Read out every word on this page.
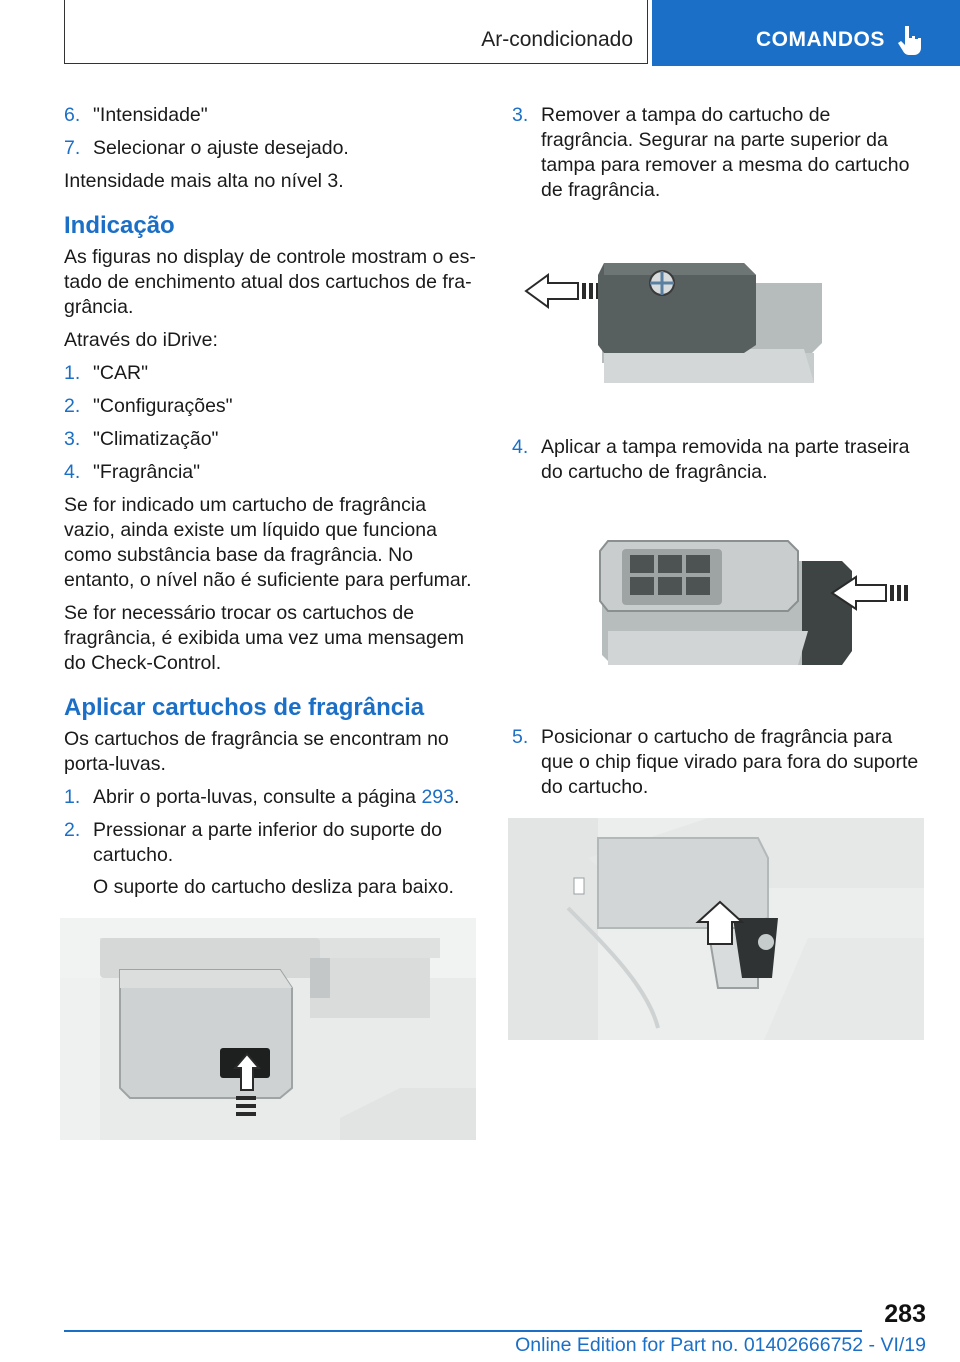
Ar-condicionado	COMANDOS
6. "Intensidade"
7. Selecionar o ajuste desejado.

Intensidade mais alta no nível 3.

Indicação

As figuras no display de controle mostram o estado de enchimento atual dos cartuchos de fragrância.

Através do iDrive:

1. "CAR"
2. "Configurações"
3. "Climatização"
4. "Fragrância"

Se for indicado um cartucho de fragrância vazio, ainda existe um líquido que funciona como substância base da fragrância. No entanto, o nível não é suficiente para perfumar.

Se for necessário trocar os cartuchos de fragrância, é exibida uma vez uma mensagem do Check-Control.

Aplicar cartuchos de fragrância

Os cartuchos de fragrância se encontram no porta-luvas.

1. Abrir o porta-luvas, consulte a página 293.
2. Pressionar a parte inferior do suporte do cartucho.

O suporte do cartucho desliza para baixo.

3. Remover a tampa do cartucho de fragrância. Segurar na parte superior da tampa para remover a mesma do cartucho de fragrância.
4. Aplicar a tampa removida na parte traseira do cartucho de fragrância.
5. Posicionar o cartucho de fragrância para que o chip fique virado para fora do suporte do cartucho.
283
Online Edition for Part no. 01402666752 - VI/19
